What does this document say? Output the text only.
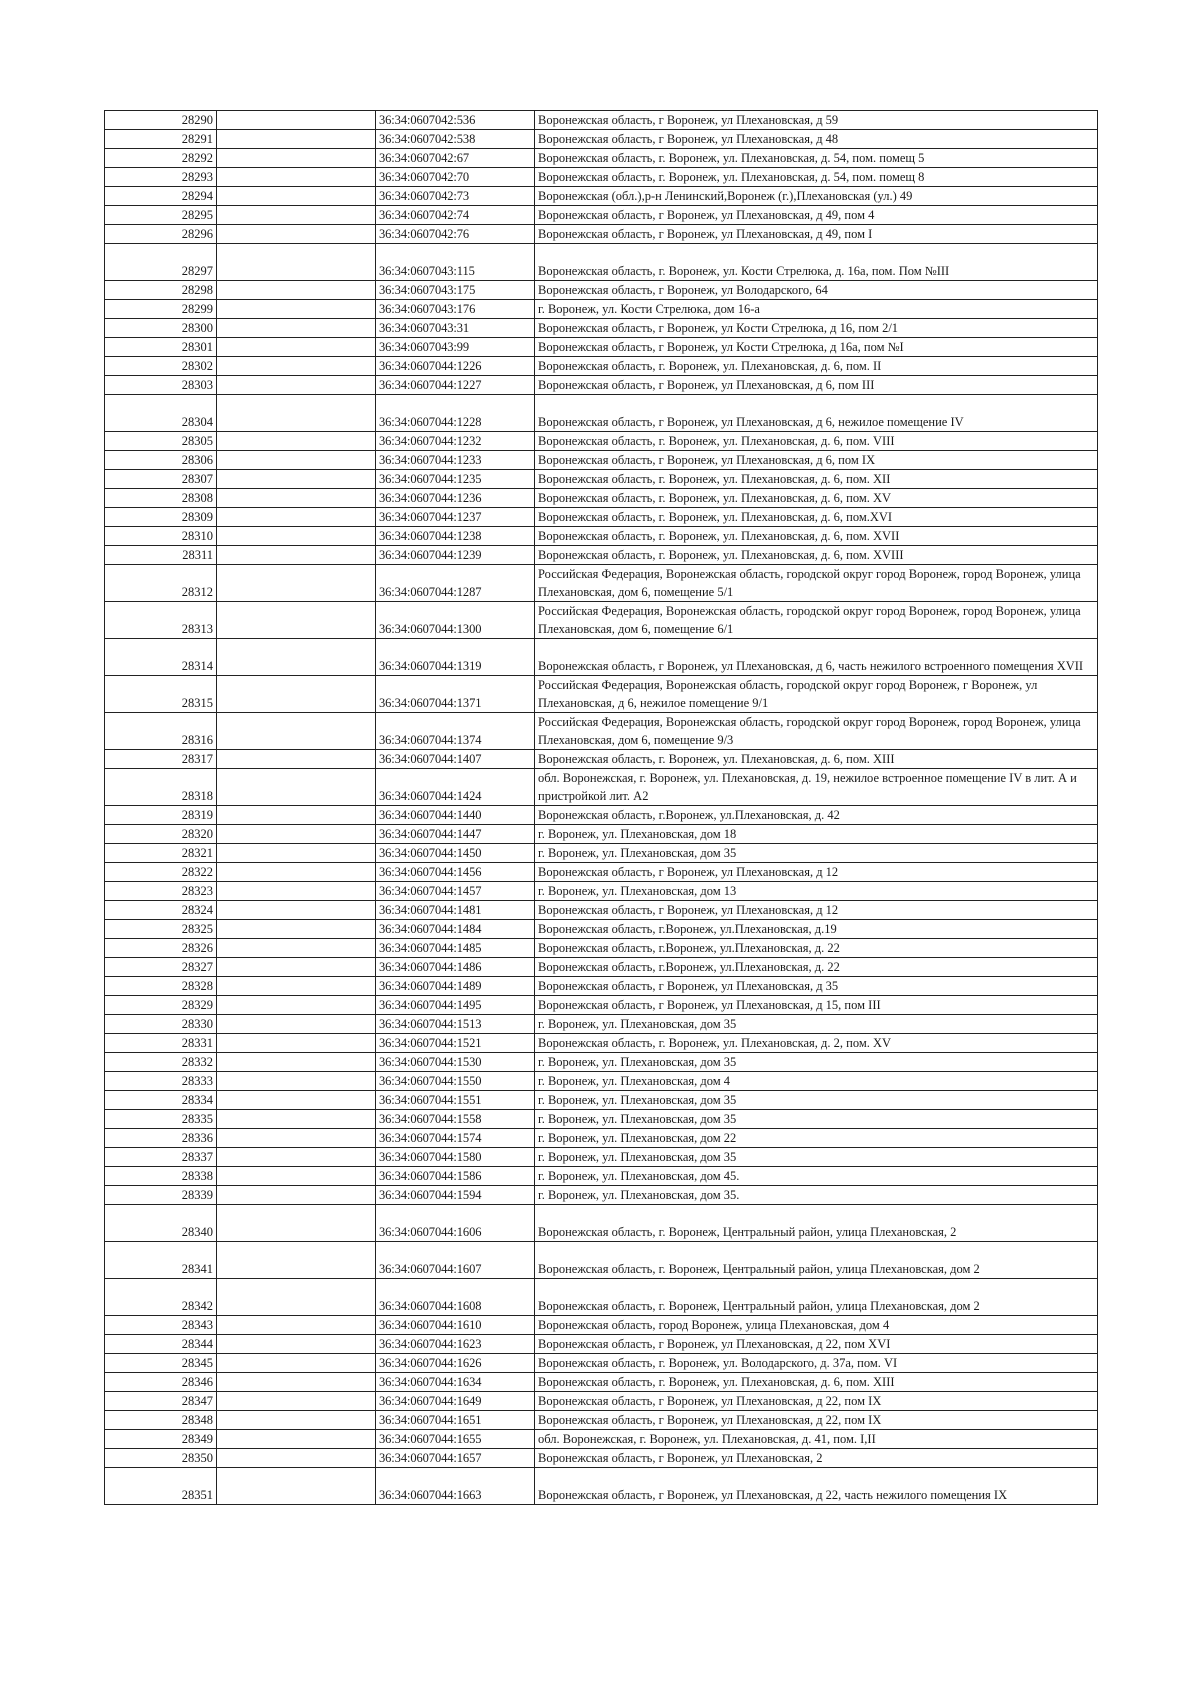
28290		36:34:0607042:536	Воронежская область, г Воронеж, ул Плехановская, д 59
28291		36:34:0607042:538	Воронежская область, г Воронеж, ул Плехановская, д 48
28292		36:34:0607042:67	Воронежская область, г. Воронеж, ул. Плехановская, д. 54, пом. помещ 5
28293		36:34:0607042:70	Воронежская область, г. Воронеж, ул. Плехановская, д. 54, пом. помещ 8
28294		36:34:0607042:73	Воронежская (обл.),р-н Ленинский,Воронеж (г.),Плехановская (ул.) 49
28295		36:34:0607042:74	Воронежская область, г Воронеж, ул Плехановская, д 49, пом 4
28296		36:34:0607042:76	Воронежская область, г Воронеж, ул Плехановская, д 49, пом I
28297		36:34:0607043:115	Воронежская область, г. Воронеж, ул. Кости Стрелюка, д. 16а, пом. Пом №III
28298		36:34:0607043:175	Воронежская область, г Воронеж, ул Володарского, 64
28299		36:34:0607043:176	г. Воронеж, ул. Кости Стрелюка, дом 16-а
28300		36:34:0607043:31	Воронежская область, г Воронеж, ул Кости Стрелюка, д 16, пом 2/1
28301		36:34:0607043:99	Воронежская область, г Воронеж, ул Кости Стрелюка, д 16а, пом №I
28302		36:34:0607044:1226	Воронежская область, г. Воронеж, ул. Плехановская, д. 6, пом. II
28303		36:34:0607044:1227	Воронежская область, г Воронеж, ул Плехановская, д 6, пом III
28304		36:34:0607044:1228	Воронежская область, г Воронеж, ул Плехановская, д 6, нежилое помещение IV
28305		36:34:0607044:1232	Воронежская область, г. Воронеж, ул. Плехановская, д. 6, пом. VIII
28306		36:34:0607044:1233	Воронежская область, г Воронеж, ул Плехановская, д 6, пом IX
28307		36:34:0607044:1235	Воронежская область, г. Воронеж, ул. Плехановская, д. 6, пом. XII
28308		36:34:0607044:1236	Воронежская область, г. Воронеж, ул. Плехановская, д. 6, пом. XV
28309		36:34:0607044:1237	Воронежская область, г. Воронеж, ул. Плехановская, д. 6, пом.XVI
28310		36:34:0607044:1238	Воронежская область, г. Воронеж, ул. Плехановская, д. 6, пом. XVII
28311		36:34:0607044:1239	Воронежская область, г. Воронеж, ул. Плехановская, д. 6, пом. XVIII
28312		36:34:0607044:1287	Российская Федерация, Воронежская область, городской округ город Воронеж, город Воронеж, улица Плехановская, дом 6, помещение 5/1
28313		36:34:0607044:1300	Российская Федерация, Воронежская область, городской округ город Воронеж, город Воронеж, улица Плехановская, дом 6, помещение 6/1
28314		36:34:0607044:1319	Воронежская область, г Воронеж, ул Плехановская, д 6, часть нежилого встроенного помещения XVII
28315		36:34:0607044:1371	Российская Федерация, Воронежская область, городской округ город Воронеж, г Воронеж, ул Плехановская, д 6, нежилое помещение 9/1
28316		36:34:0607044:1374	Российская Федерация, Воронежская область, городской округ город Воронеж, город Воронеж, улица Плехановская, дом 6, помещение 9/3
28317		36:34:0607044:1407	Воронежская область, г. Воронеж, ул. Плехановская, д. 6, пом. XIII
28318		36:34:0607044:1424	обл. Воронежская, г. Воронеж, ул. Плехановская, д. 19, нежилое встроенное помещение IV в лит. А и пристройкой лит. А2
28319		36:34:0607044:1440	Воронежская область, г.Воронеж, ул.Плехановская, д. 42
28320		36:34:0607044:1447	г. Воронеж, ул. Плехановская, дом 18
28321		36:34:0607044:1450	г. Воронеж, ул. Плехановская, дом 35
28322		36:34:0607044:1456	Воронежская область, г Воронеж, ул Плехановская, д 12
28323		36:34:0607044:1457	г. Воронеж, ул. Плехановская, дом 13
28324		36:34:0607044:1481	Воронежская область, г Воронеж, ул Плехановская, д 12
28325		36:34:0607044:1484	Воронежская область, г.Воронеж, ул.Плехановская, д.19
28326		36:34:0607044:1485	Воронежская область, г.Воронеж, ул.Плехановская, д. 22
28327		36:34:0607044:1486	Воронежская область, г.Воронеж, ул.Плехановская, д. 22
28328		36:34:0607044:1489	Воронежская область, г Воронеж, ул Плехановская, д 35
28329		36:34:0607044:1495	Воронежская область, г Воронеж, ул Плехановская, д 15, пом III
28330		36:34:0607044:1513	г. Воронеж, ул. Плехановская, дом 35
28331		36:34:0607044:1521	Воронежская область, г. Воронеж, ул. Плехановская, д. 2, пом. XV
28332		36:34:0607044:1530	г. Воронеж, ул. Плехановская, дом 35
28333		36:34:0607044:1550	г. Воронеж, ул. Плехановская, дом 4
28334		36:34:0607044:1551	г. Воронеж, ул. Плехановская, дом 35
28335		36:34:0607044:1558	г. Воронеж, ул. Плехановская, дом 35
28336		36:34:0607044:1574	г. Воронеж, ул. Плехановская, дом 22
28337		36:34:0607044:1580	г. Воронеж, ул. Плехановская, дом 35
28338		36:34:0607044:1586	г. Воронеж, ул. Плехановская, дом 45.
28339		36:34:0607044:1594	г. Воронеж, ул. Плехановская, дом 35.
28340		36:34:0607044:1606	Воронежская область, г. Воронеж, Центральный район, улица Плехановская, 2
28341		36:34:0607044:1607	Воронежская область, г. Воронеж, Центральный район, улица Плехановская, дом 2
28342		36:34:0607044:1608	Воронежская область, г. Воронеж, Центральный район, улица Плехановская, дом 2
28343		36:34:0607044:1610	Воронежская область, город Воронеж, улица Плехановская, дом 4
28344		36:34:0607044:1623	Воронежская область, г Воронеж, ул Плехановская, д 22, пом XVI
28345		36:34:0607044:1626	Воронежская область, г. Воронеж, ул. Володарского, д. 37а, пом. VI
28346		36:34:0607044:1634	Воронежская область, г. Воронеж, ул. Плехановская, д. 6, пом. XIII
28347		36:34:0607044:1649	Воронежская область, г Воронеж, ул Плехановская, д 22, пом IX
28348		36:34:0607044:1651	Воронежская область, г Воронеж, ул Плехановская, д 22, пом IX
28349		36:34:0607044:1655	обл. Воронежская, г. Воронеж, ул. Плехановская, д. 41, пом. I,II
28350		36:34:0607044:1657	Воронежская область, г Воронеж, ул Плехановская, 2
28351		36:34:0607044:1663	Воронежская область, г Воронеж, ул Плехановская, д 22, часть нежилого помещения IX
